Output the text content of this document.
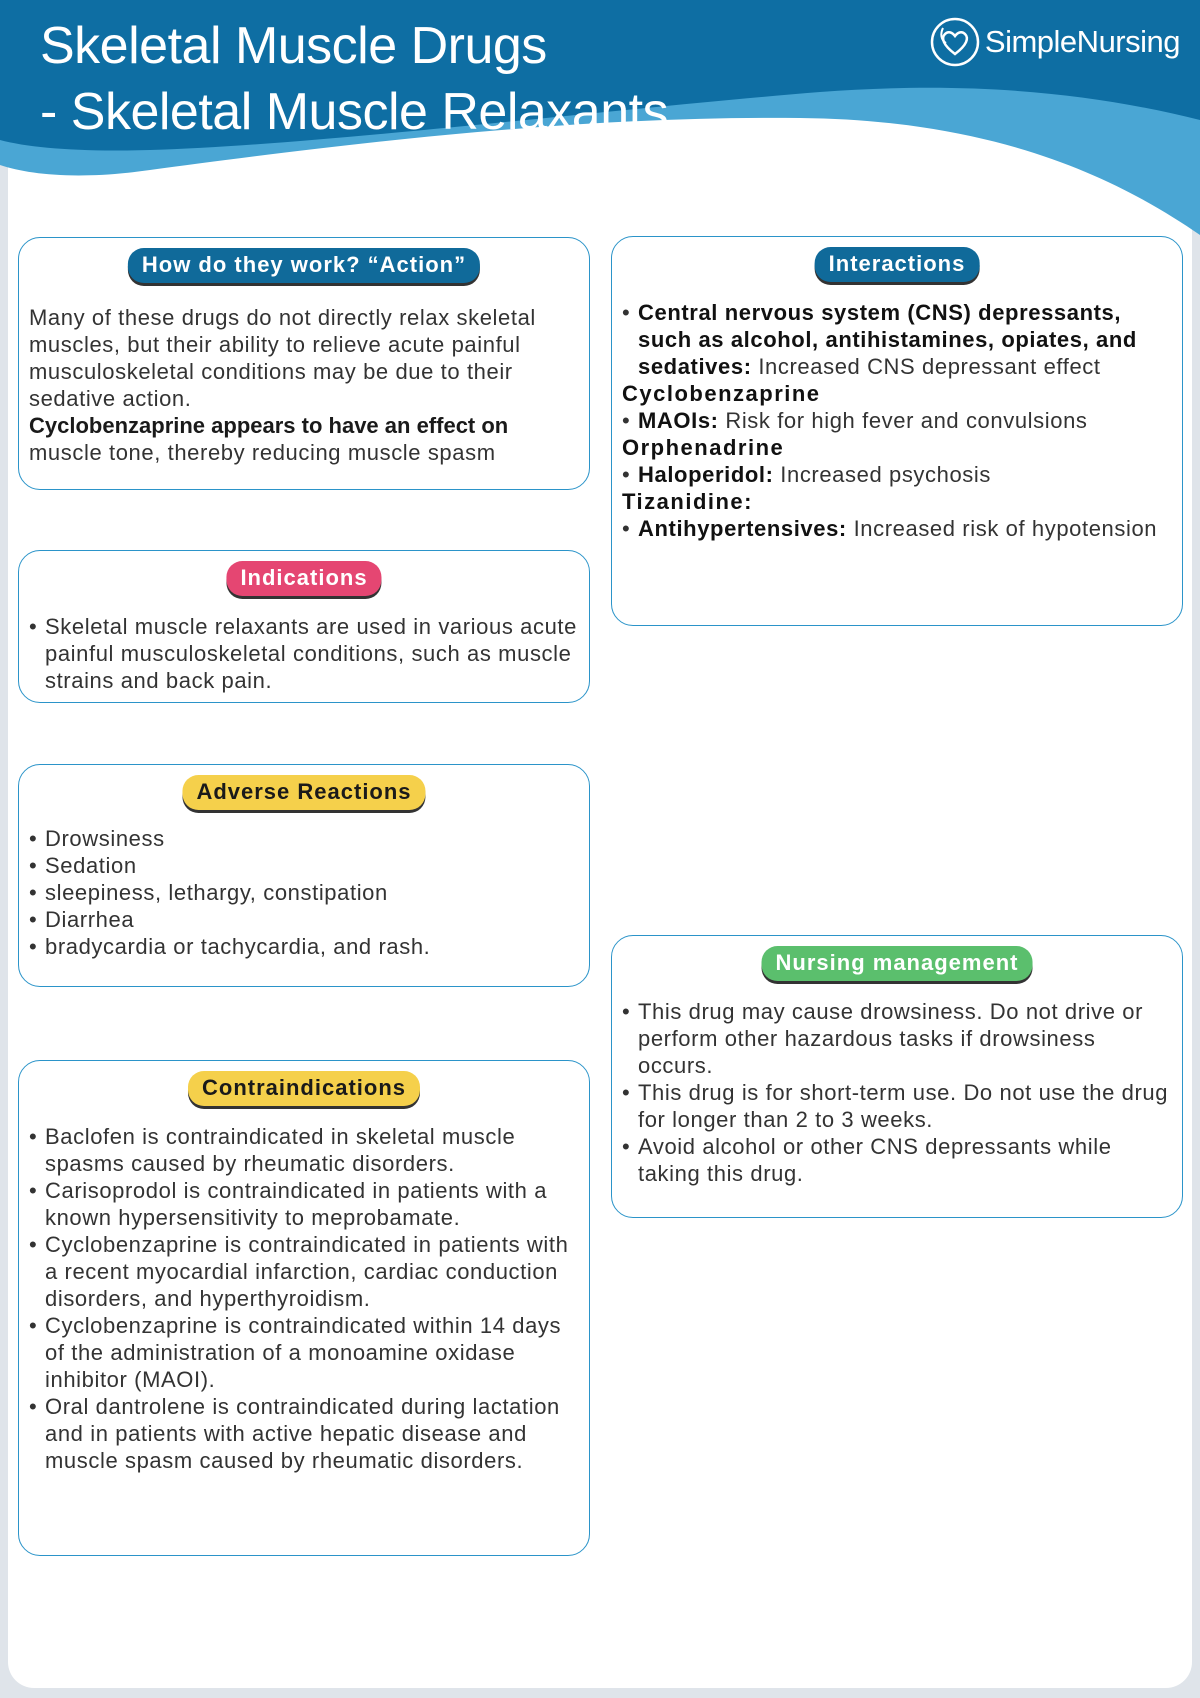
Skeletal Muscle Drugs
- Skeletal Muscle Relaxants
SimpleNursing
How do they work? “Action”

Many of these drugs do not directly relax skeletal muscles, but their ability to relieve acute painful musculoskeletal conditions may be due to their sedative action.

Cyclobenzaprine appears to have an effect on

muscle tone, thereby reducing muscle spasm

Indications
• Skeletal muscle relaxants are used in various acute painful musculoskeletal conditions, such as muscle strains and back pain.
Adverse Reactions
• Drowsiness
• Sedation
• sleepiness, lethargy, constipation
• Diarrhea
• bradycardia or tachycardia, and rash.
Contraindications
• Baclofen is contraindicated in skeletal muscle spasms caused by rheumatic disorders.
• Carisoprodol is contraindicated in patients with a known hypersensitivity to meprobamate.
• Cyclobenzaprine is contraindicated in patients with a recent myocardial infarction, cardiac conduction disorders, and hyperthyroidism.
• Cyclobenzaprine is contraindicated within 14 days of the administration of a monoamine oxidase inhibitor (MAOI).
• Oral dantrolene is contraindicated during lactation and in patients with active hepatic disease and muscle spasm caused by rheumatic disorders.
Interactions
• Central nervous system (CNS) depressants, such as alcohol, antihistamines, opiates, and sedatives: Increased CNS depressant effect
Cyclobenzaprine
• MAOIs: Risk for high fever and convulsions
Orphenadrine
• Haloperidol: Increased psychosis
Tizanidine:
• Antihypertensives: Increased risk of hypotension
Nursing management
• This drug may cause drowsiness. Do not drive or perform other hazardous tasks if drowsiness occurs.
• This drug is for short-term use. Do not use the drug for longer than 2 to 3 weeks.
• Avoid alcohol or other CNS depressants while taking this drug.
